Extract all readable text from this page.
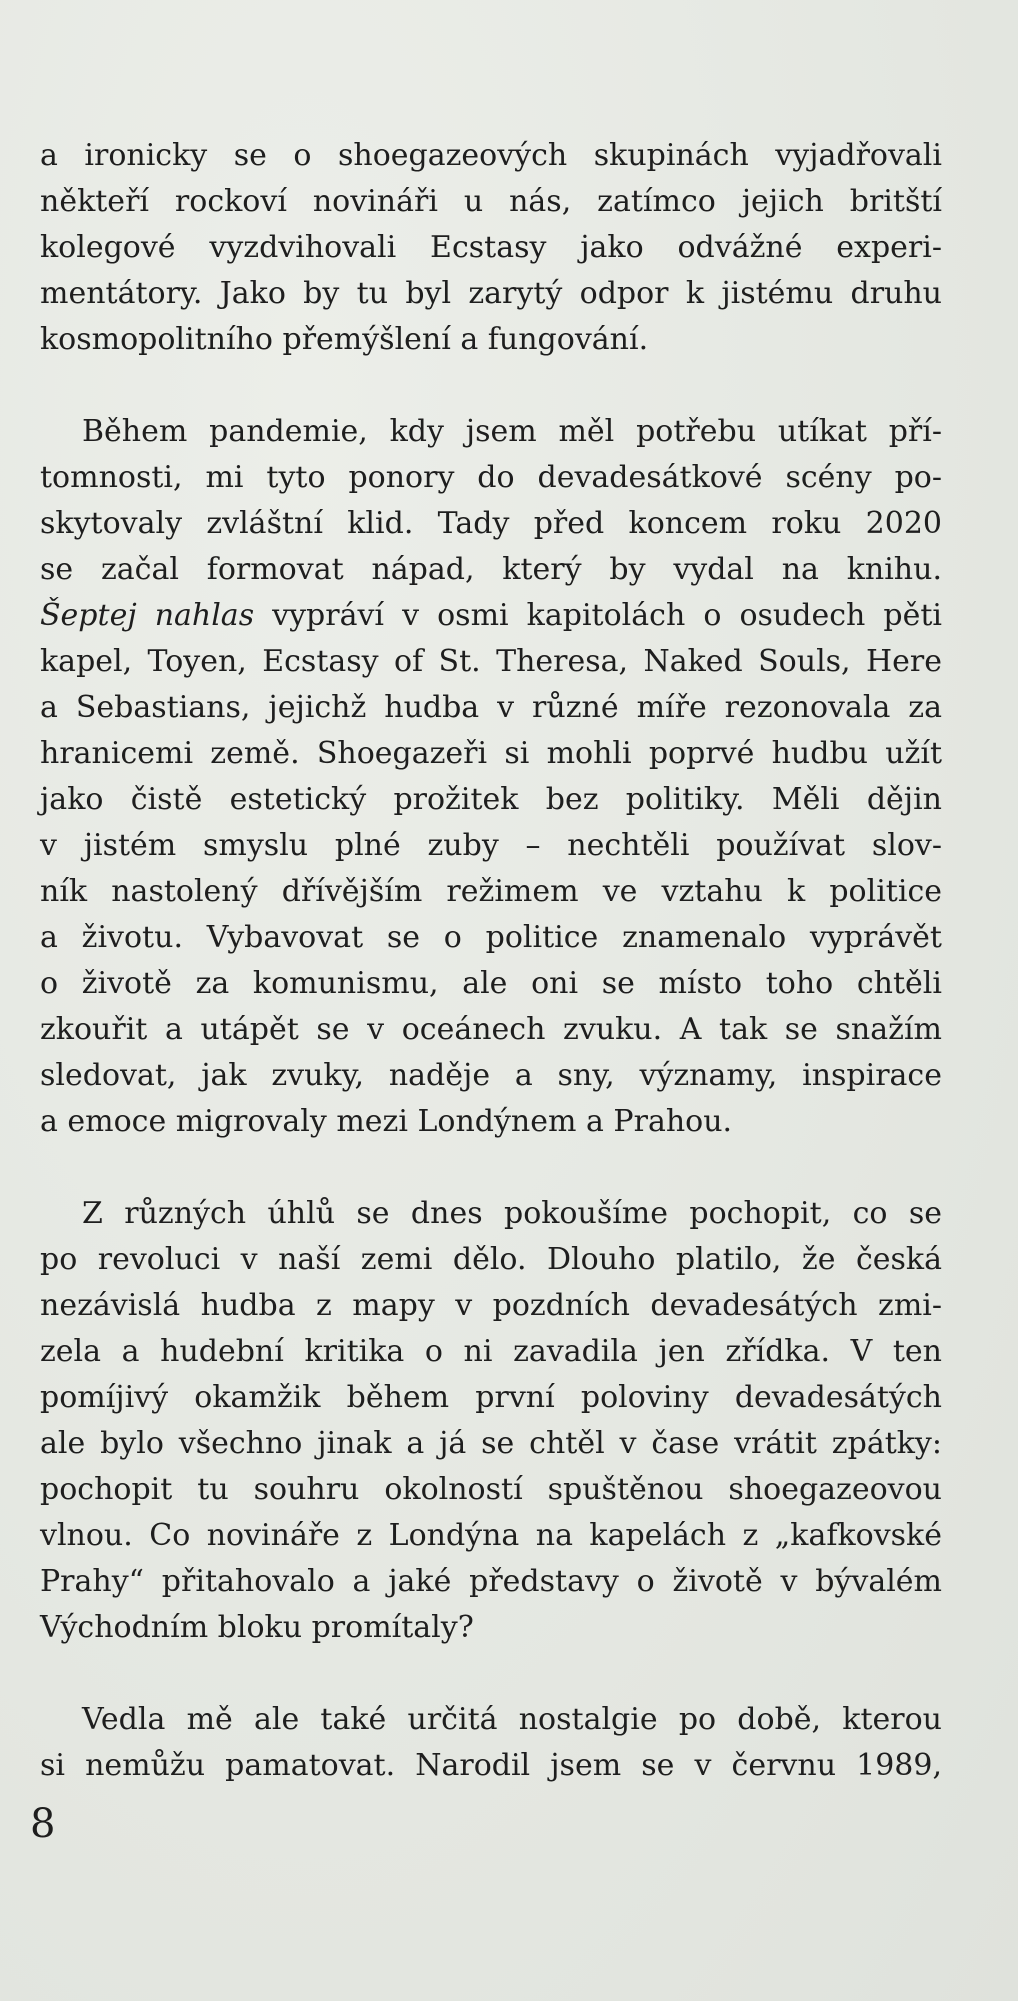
a ironicky se o shoegazeových skupinách vyjadřovali
někteří rockoví novináři u nás, zatímco jejich britští
kolegové vyzdvihovali Ecstasy jako odvážné experi-
mentátory. Jako by tu byl zarytý odpor k jistému druhu
kosmopolitního přemýšlení a fungování.

Během pandemie, kdy jsem měl potřebu utíkat pří-
tomnosti, mi tyto ponory do devadesátkové scény po-
skytovaly zvláštní klid. Tady před koncem roku 2020
se začal formovat nápad, který by vydal na knihu.
Šeptej nahlas vypráví v osmi kapitolách o osudech pěti
kapel, Toyen, Ecstasy of St. Theresa, Naked Souls, Here
a Sebastians, jejichž hudba v různé míře rezonovala za
hranicemi země. Shoegazeři si mohli poprvé hudbu užít
jako čistě estetický prožitek bez politiky. Měli dějin
v jistém smyslu plné zuby – nechtěli používat slov-
ník nastolený dřívějším režimem ve vztahu k politice
a životu. Vybavovat se o politice znamenalo vyprávět
o životě za komunismu, ale oni se místo toho chtěli
zkouřit a utápět se v oceánech zvuku. A tak se snažím
sledovat, jak zvuky, naděje a sny, významy, inspirace
a emoce migrovaly mezi Londýnem a Prahou.

Z různých úhlů se dnes pokoušíme pochopit, co se
po revoluci v naší zemi dělo. Dlouho platilo, že česká
nezávislá hudba z mapy v pozdních devadesátých zmi-
zela a hudební kritika o ni zavadila jen zřídka. V ten
pomíjivý okamžik během první poloviny devadesátých
ale bylo všechno jinak a já se chtěl v čase vrátit zpátky:
pochopit tu souhru okolností spuštěnou shoegazeovou
vlnou. Co novináře z Londýna na kapelách z „kafkovské
Prahy“ přitahovalo a jaké představy o životě v bývalém
Východním bloku promítaly?

Vedla mě ale také určitá nostalgie po době, kterou
si nemůžu pamatovat. Narodil jsem se v červnu 1989,

8
